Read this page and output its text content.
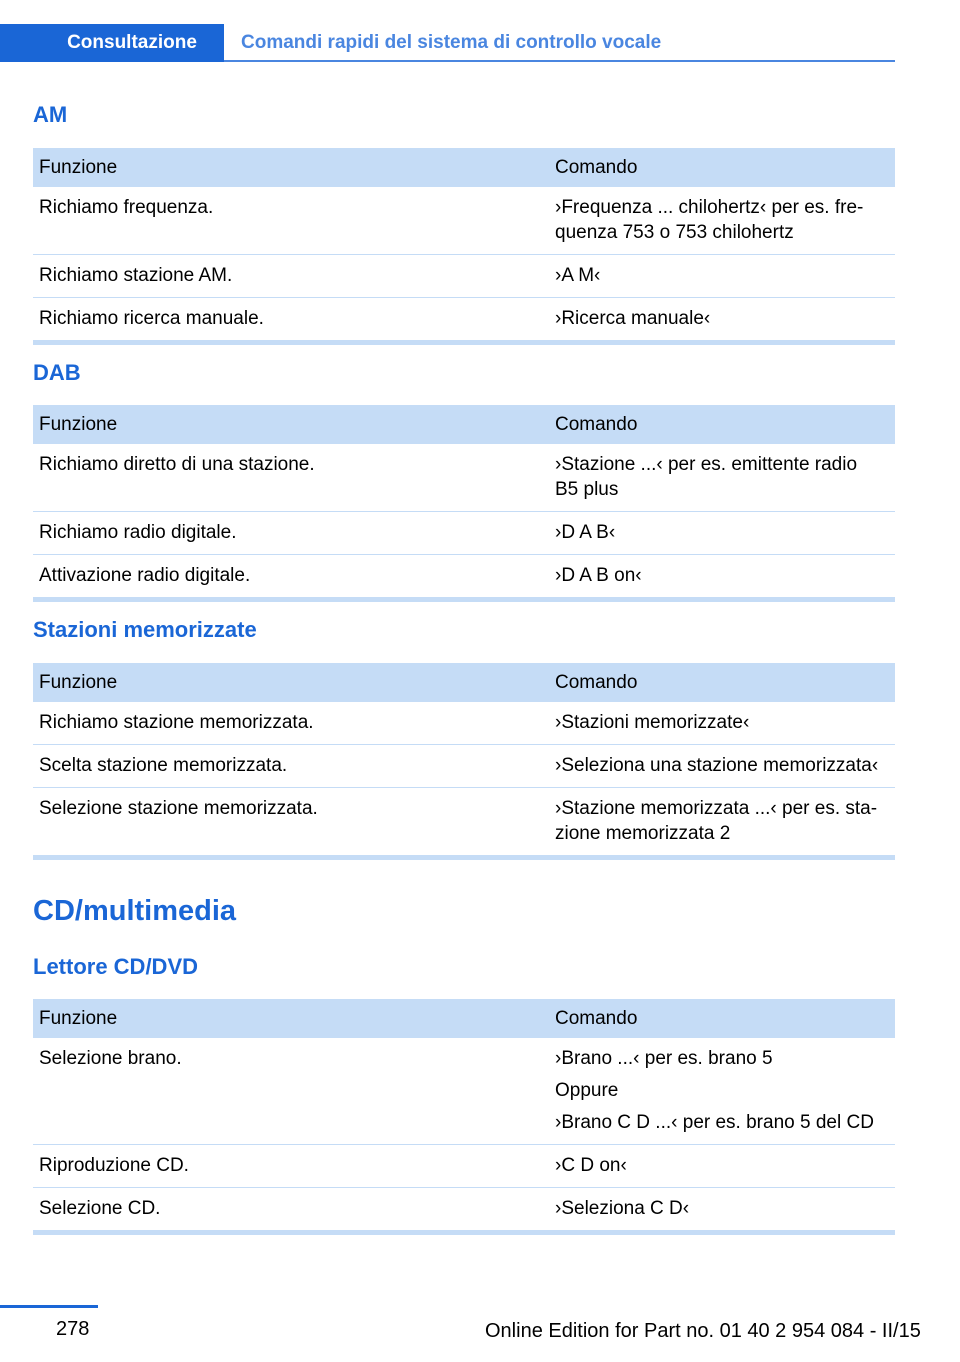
Consultazione	Comandi rapidi del sistema di controllo vocale
AM
Funzione	Comando
Richiamo frequenza.	›Frequenza ... chilohertz‹ per es. fre‐
quenza 753 o 753 chilohertz
Richiamo stazione AM.	›A M‹
Richiamo ricerca manuale.	›Ricerca manuale‹
DAB
Funzione	Comando
Richiamo diretto di una stazione.	›Stazione ...‹ per es. emittente radio
B5 plus
Richiamo radio digitale.	›D A B‹
Attivazione radio digitale.	›D A B on‹
Stazioni memorizzate
Funzione	Comando
Richiamo stazione memorizzata.	›Stazioni memorizzate‹
Scelta stazione memorizzata.	›Seleziona una stazione memorizzata‹
Selezione stazione memorizzata.	›Stazione memorizzata ...‹ per es. sta‐
zione memorizzata 2
CD/multimedia
Lettore CD/DVD
Funzione	Comando
Selezione brano.	›Brano ...‹ per es. brano 5
Oppure
›Brano C D ...‹ per es. brano 5 del CD

Riproduzione CD.	›C D on‹
Selezione CD.	›Seleziona C D‹
278	Online Edition for Part no. 01 40 2 954 084 - II/15
